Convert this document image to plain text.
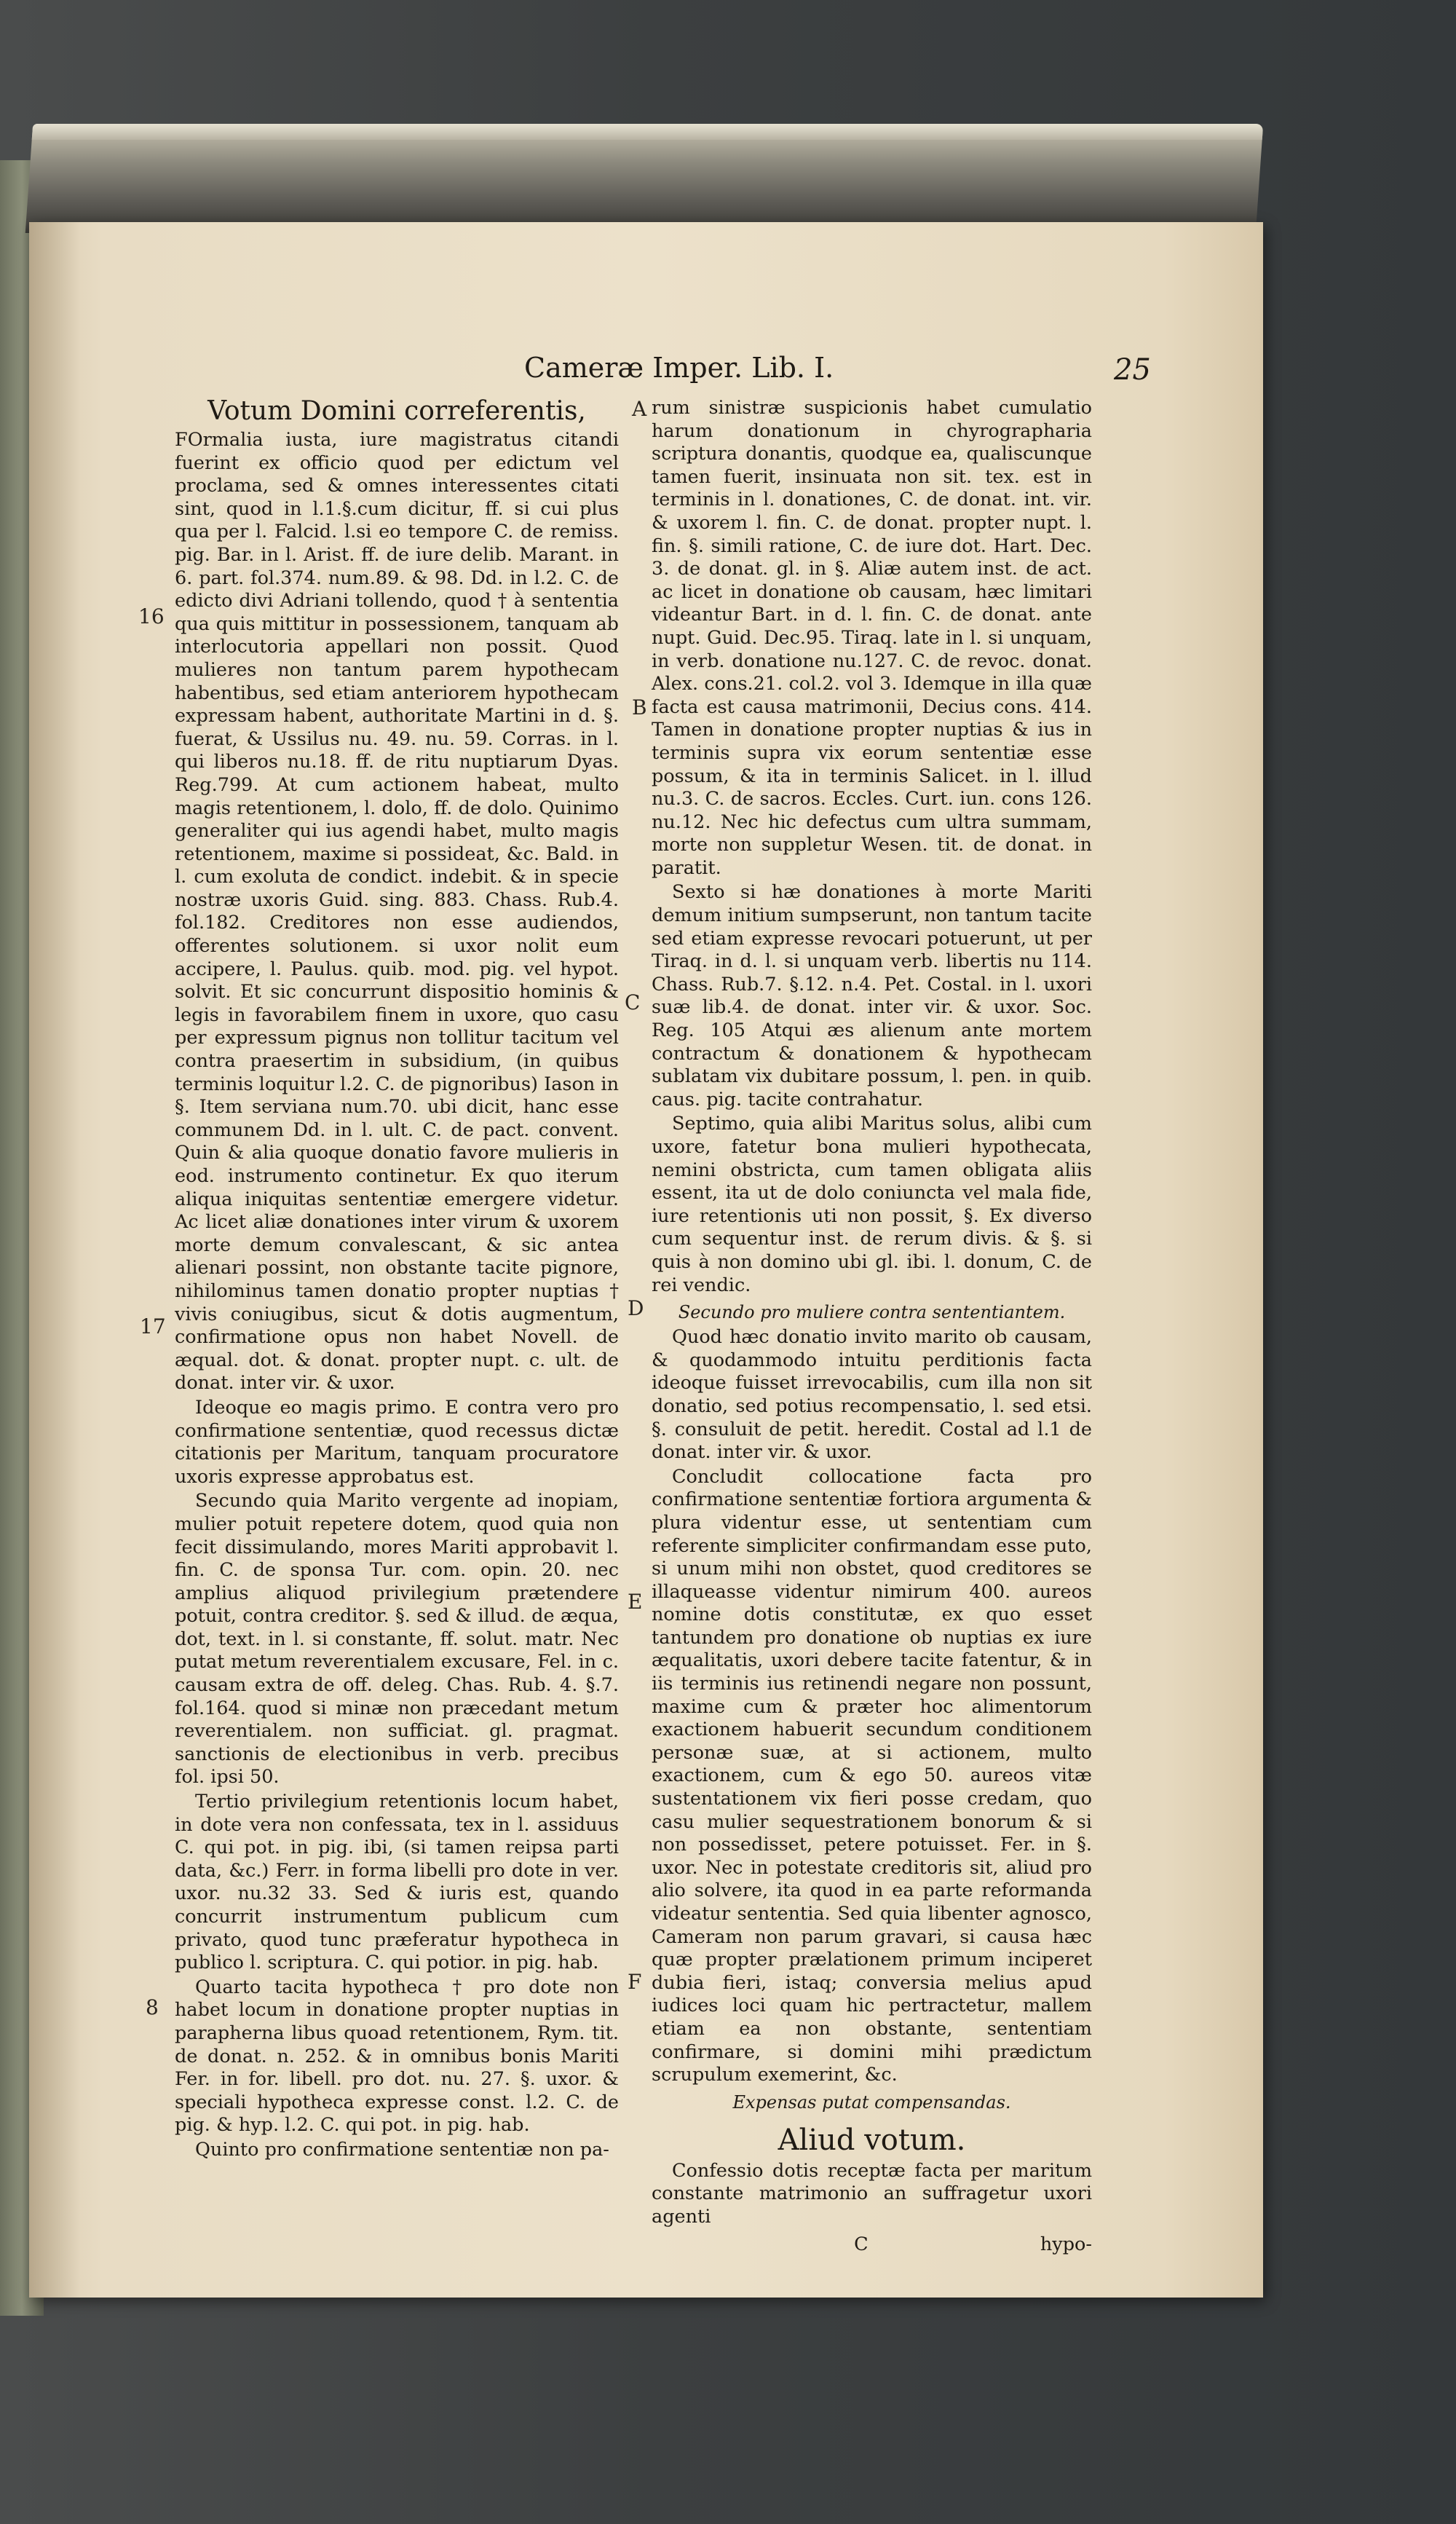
Cameræ Imper. Lib. I.	25
16
17
8
A
B
C
D
E
F
Votum Domini correferentis,

FOrmalia iusta, iure magistratus citandi fuerint ex officio quod per edictum vel proclama, sed & omnes interessentes citati sint, quod in l.1.§.cum dicitur, ff. si cui plus qua per l. Falcid. l.si eo tempore C. de remiss. pig. Bar. in l. Arist. ff. de iure delib. Marant. in 6. part. fol.374. num.89. & 98. Dd. in l.2. C. de edicto divi Adriani tollendo, quod † à sententia qua quis mittitur in possessionem, tanquam ab interlocutoria appellari non possit. Quod mulieres non tantum parem hypothecam habentibus, sed etiam anteriorem hypothecam expressam habent, authoritate Martini in d. §. fuerat, & Ussilus nu. 49. nu. 59. Corras. in l. qui liberos nu.18. ff. de ritu nuptiarum Dyas. Reg.799. At cum actionem habeat, multo magis retentionem, l. dolo, ff. de dolo. Quinimo generaliter qui ius agendi habet, multo magis retentionem, maxime si possideat, &c. Bald. in l. cum exoluta de condict. indebit. & in specie nostræ uxoris Guid. sing. 883. Chass. Rub.4. fol.182. Creditores non esse audiendos, offerentes solutionem. si uxor nolit eum accipere, l. Paulus. quib. mod. pig. vel hypot. solvit. Et sic concurrunt dispositio hominis & legis in favorabilem finem in uxore, quo casu per expressum pignus non tollitur tacitum vel contra praesertim in subsidium, (in quibus terminis loquitur l.2. C. de pignoribus) Iason in §. Item serviana num.70. ubi dicit, hanc esse communem Dd. in l. ult. C. de pact. convent. Quin & alia quoque donatio favore mulieris in eod. instrumento continetur. Ex quo iterum aliqua iniquitas sententiæ emergere videtur. Ac licet aliæ donationes inter virum & uxorem morte demum convalescant, & sic antea alienari possint, non obstante tacite pignore, nihilominus tamen donatio propter nuptias † vivis coniugibus, sicut & dotis augmentum, confirmatione opus non habet Novell. de æqual. dot. & donat. propter nupt. c. ult. de donat. inter vir. & uxor.

Ideoque eo magis primo. E contra vero pro confirmatione sententiæ, quod recessus dictæ citationis per Maritum, tanquam procuratore uxoris expresse approbatus est.

Secundo quia Marito vergente ad inopiam, mulier potuit repetere dotem, quod quia non fecit dissimulando, mores Mariti approbavit l. fin. C. de sponsa Tur. com. opin. 20. nec amplius aliquod privilegium prætendere potuit, contra creditor. §. sed & illud. de æqua, dot, text. in l. si constante, ff. solut. matr. Nec putat metum reverentialem excusare, Fel. in c. causam extra de off. deleg. Chas. Rub. 4. §.7. fol.164. quod si minæ non præcedant metum reverentialem. non sufficiat. gl. pragmat. sanctionis de electionibus in verb. precibus fol. ipsi 50.

Tertio privilegium retentionis locum habet, in dote vera non confessata, tex in l. assiduus C. qui pot. in pig. ibi, (si tamen reipsa parti data, &c.) Ferr. in forma libelli pro dote in ver. uxor. nu.32 33. Sed & iuris est, quando concurrit instrumentum publicum cum privato, quod tunc præferatur hypotheca in publico l. scriptura. C. qui potior. in pig. hab.

Quarto tacita hypotheca † pro dote non habet locum in donatione propter nuptias in parapherna libus quoad retentionem, Rym. tit. de donat. n. 252. & in omnibus bonis Mariti Fer. in for. libell. pro dot. nu. 27. §. uxor. & speciali hypotheca expresse const. l.2. C. de pig. & hyp. l.2. C. qui pot. in pig. hab.

Quinto pro confirmatione sententiæ non pa-

rum sinistræ suspicionis habet cumulatio harum donationum in chyrographaria scriptura donantis, quodque ea, qualiscunque tamen fuerit, insinuata non sit. tex. est in terminis in l. donationes, C. de donat. int. vir. & uxorem l. fin. C. de donat. propter nupt. l. fin. §. simili ratione, C. de iure dot. Hart. Dec. 3. de donat. gl. in §. Aliæ autem inst. de act. ac licet in donatione ob causam, hæc limitari videantur Bart. in d. l. fin. C. de donat. ante nupt. Guid. Dec.95. Tiraq. late in l. si unquam, in verb. donatione nu.127. C. de revoc. donat. Alex. cons.21. col.2. vol 3. Idemque in illa quæ facta est causa matrimonii, Decius cons. 414. Tamen in donatione propter nuptias & ius in terminis supra vix eorum sententiæ esse possum, & ita in terminis Salicet. in l. illud nu.3. C. de sacros. Eccles. Curt. iun. cons 126. nu.12. Nec hic defectus cum ultra summam, morte non suppletur Wesen. tit. de donat. in paratit.

Sexto si hæ donationes à morte Mariti demum initium sumpserunt, non tantum tacite sed etiam expresse revocari potuerunt, ut per Tiraq. in d. l. si unquam verb. libertis nu 114. Chass. Rub.7. §.12. n.4. Pet. Costal. in l. uxori suæ lib.4. de donat. inter vir. & uxor. Soc. Reg. 105 Atqui æs alienum ante mortem contractum & donationem & hypothecam sublatam vix dubitare possum, l. pen. in quib. caus. pig. tacite contrahatur.

Septimo, quia alibi Maritus solus, alibi cum uxore, fatetur bona mulieri hypothecata, nemini obstricta, cum tamen obligata aliis essent, ita ut de dolo coniuncta vel mala fide, iure retentionis uti non possit, §. Ex diverso cum sequentur inst. de rerum divis. & §. si quis à non domino ubi gl. ibi. l. donum, C. de rei vendic.

Secundo pro muliere contra sententiantem.

Quod hæc donatio invito marito ob causam, & quodammodo intuitu perditionis facta ideoque fuisset irrevocabilis, cum illa non sit donatio, sed potius recompensatio, l. sed etsi. §. consuluit de petit. heredit. Costal ad l.1 de donat. inter vir. & uxor.

Concludit collocatione facta pro confirmatione sententiæ fortiora argumenta & plura videntur esse, ut sententiam cum referente simpliciter confirmandam esse puto, si unum mihi non obstet, quod creditores se illaqueasse videntur nimirum 400. aureos nomine dotis constitutæ, ex quo esset tantundem pro donatione ob nuptias ex iure æqualitatis, uxori debere tacite fatentur, & in iis terminis ius retinendi negare non possunt, maxime cum & præter hoc alimentorum exactionem habuerit secundum conditionem personæ suæ, at si actionem, multo exactionem, cum & ego 50. aureos vitæ sustentationem vix fieri posse credam, quo casu mulier sequestrationem bonorum & si non possedisset, petere potuisset. Fer. in §. uxor. Nec in potestate creditoris sit, aliud pro alio solvere, ita quod in ea parte reformanda videatur sententia. Sed quia libenter agnosco, Cameram non parum gravari, si causa hæc quæ propter prælationem primum inciperet dubia fieri, istaq; conversia melius apud iudices loci quam hic pertractetur, mallem etiam ea non obstante, sententiam confirmare, si domini mihi prædictum scrupulum exemerint, &c.

Expensas putat compensandas.
Aliud votum.

Confessio dotis receptæ facta per maritum constante matrimonio an suffragetur uxori agenti

C	hypo-
